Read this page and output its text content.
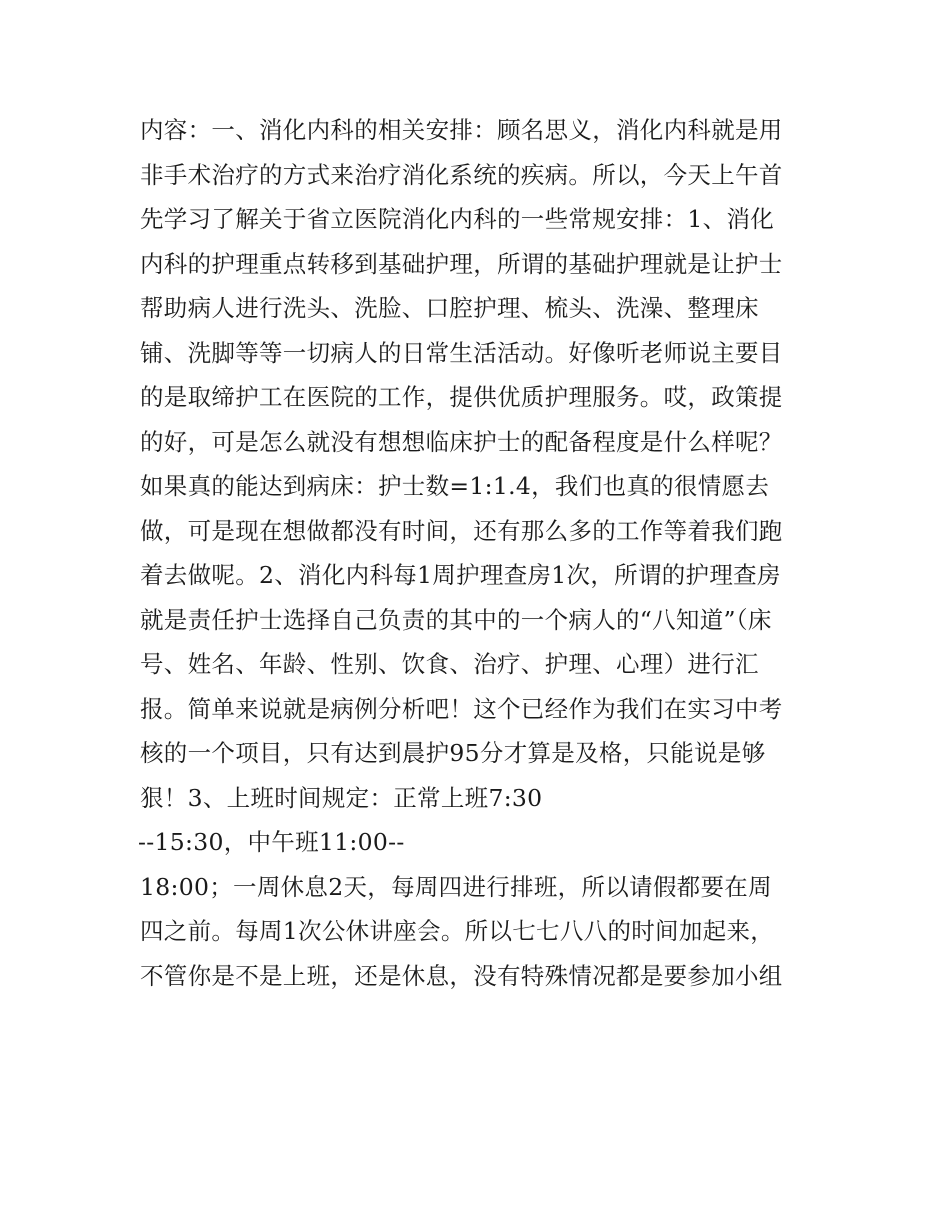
内容：一、消化内科的相关安排：顾名思义，消化内科就是用
非手术治疗的方式来治疗消化系统的疾病。所以，今天上午首
先学习了解关于省立医院消化内科的一些常规安排：1、消化
内科的护理重点转移到基础护理，所谓的基础护理就是让护士
帮助病人进行洗头、洗脸、口腔护理、梳头、洗澡、整理床
铺、洗脚等等一切病人的日常生活活动。好像听老师说主要目
的是取缔护工在医院的工作，提供优质护理服务。哎，政策提
的好，可是怎么就没有想想临床护士的配备程度是什么样呢？
如果真的能达到病床：护士数=1:1.4，我们也真的很情愿去
做，可是现在想做都没有时间，还有那么多的工作等着我们跑
着去做呢。2、消化内科每1周护理查房1次，所谓的护理查房
就是责任护士选择自己负责的其中的一个病人的“八知道”（床
号、姓名、年龄、性别、饮食、治疗、护理、心理）进行汇
报。简单来说就是病例分析吧！这个已经作为我们在实习中考
核的一个项目，只有达到晨护95分才算是及格，只能说是够
狠！3、上班时间规定：正常上班7:30
--15:30，中午班11:00--
18:00；一周休息2天，每周四进行排班，所以请假都要在周
四之前。每周1次公休讲座会。所以七七八八的时间加起来，
不管你是不是上班，还是休息，没有特殊情况都是要参加小组
